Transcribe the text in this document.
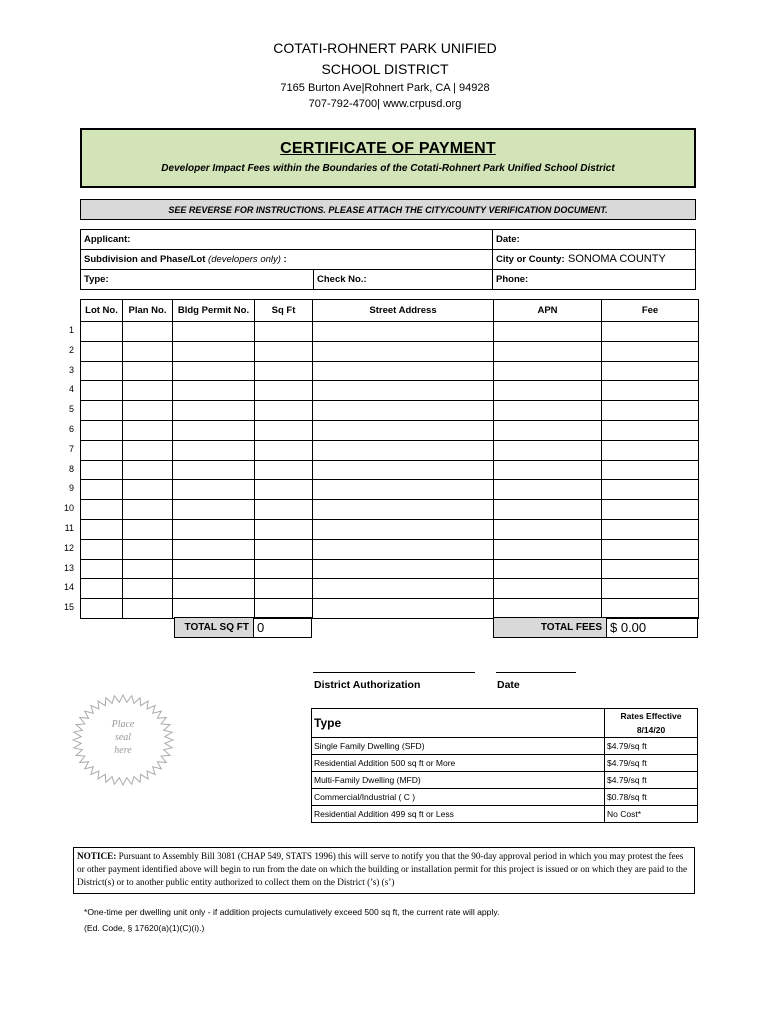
COTATI-ROHNERT PARK UNIFIED
SCHOOL DISTRICT
7165 Burton Ave|Rohnert Park, CA | 94928
707-792-4700| www.crpusd.org
CERTIFICATE OF PAYMENT
Developer Impact Fees within the Boundaries of the Cotati-Rohnert Park Unified School District
SEE REVERSE FOR INSTRUCTIONS. PLEASE ATTACH THE CITY/COUNTY VERIFICATION DOCUMENT.
Applicant:	Date:
Subdivision and Phase/Lot (developers only) :	City or County: SONOMA COUNTY
Type:	Check No.:	Phone:
1
2
3
4
5
6
7
8
9
10
11
12
13
14
15
Lot No.	Plan No.	Bldg Permit No.	Sq Ft	Street Address	APN	Fee

TOTAL SQ FT 0	TOTAL FEES $ 0.00
District Authorization	Date
Place
seal
here
Type	Rates Effective
8/14/20

Single Family Dwelling (SFD)	$4.79/sq ft
Residential Addition 500 sq ft or More	$4.79/sq ft
Multi-Family Dwelling (MFD)	$4.79/sq ft
Commercial/Industrial ( C )	$0.78/sq ft
Residential Addition 499 sq ft or Less	No Cost*
NOTICE: Pursuant to Assembly Bill 3081 (CHAP 549, STATS 1996) this will serve to notify you that the 90-day approval period in which you may protest the fees or other payment identified above will begin to run from the date on which the building or installation permit for this project is issued or on which they are paid to the District(s) or to another public entity authorized to collect them on the District (’s) (s’)
*One-time per dwelling unit only - if addition projects cumulatively exceed 500 sq ft, the current rate will apply.
(Ed. Code, § 17620(a)(1)(C)(i).)
